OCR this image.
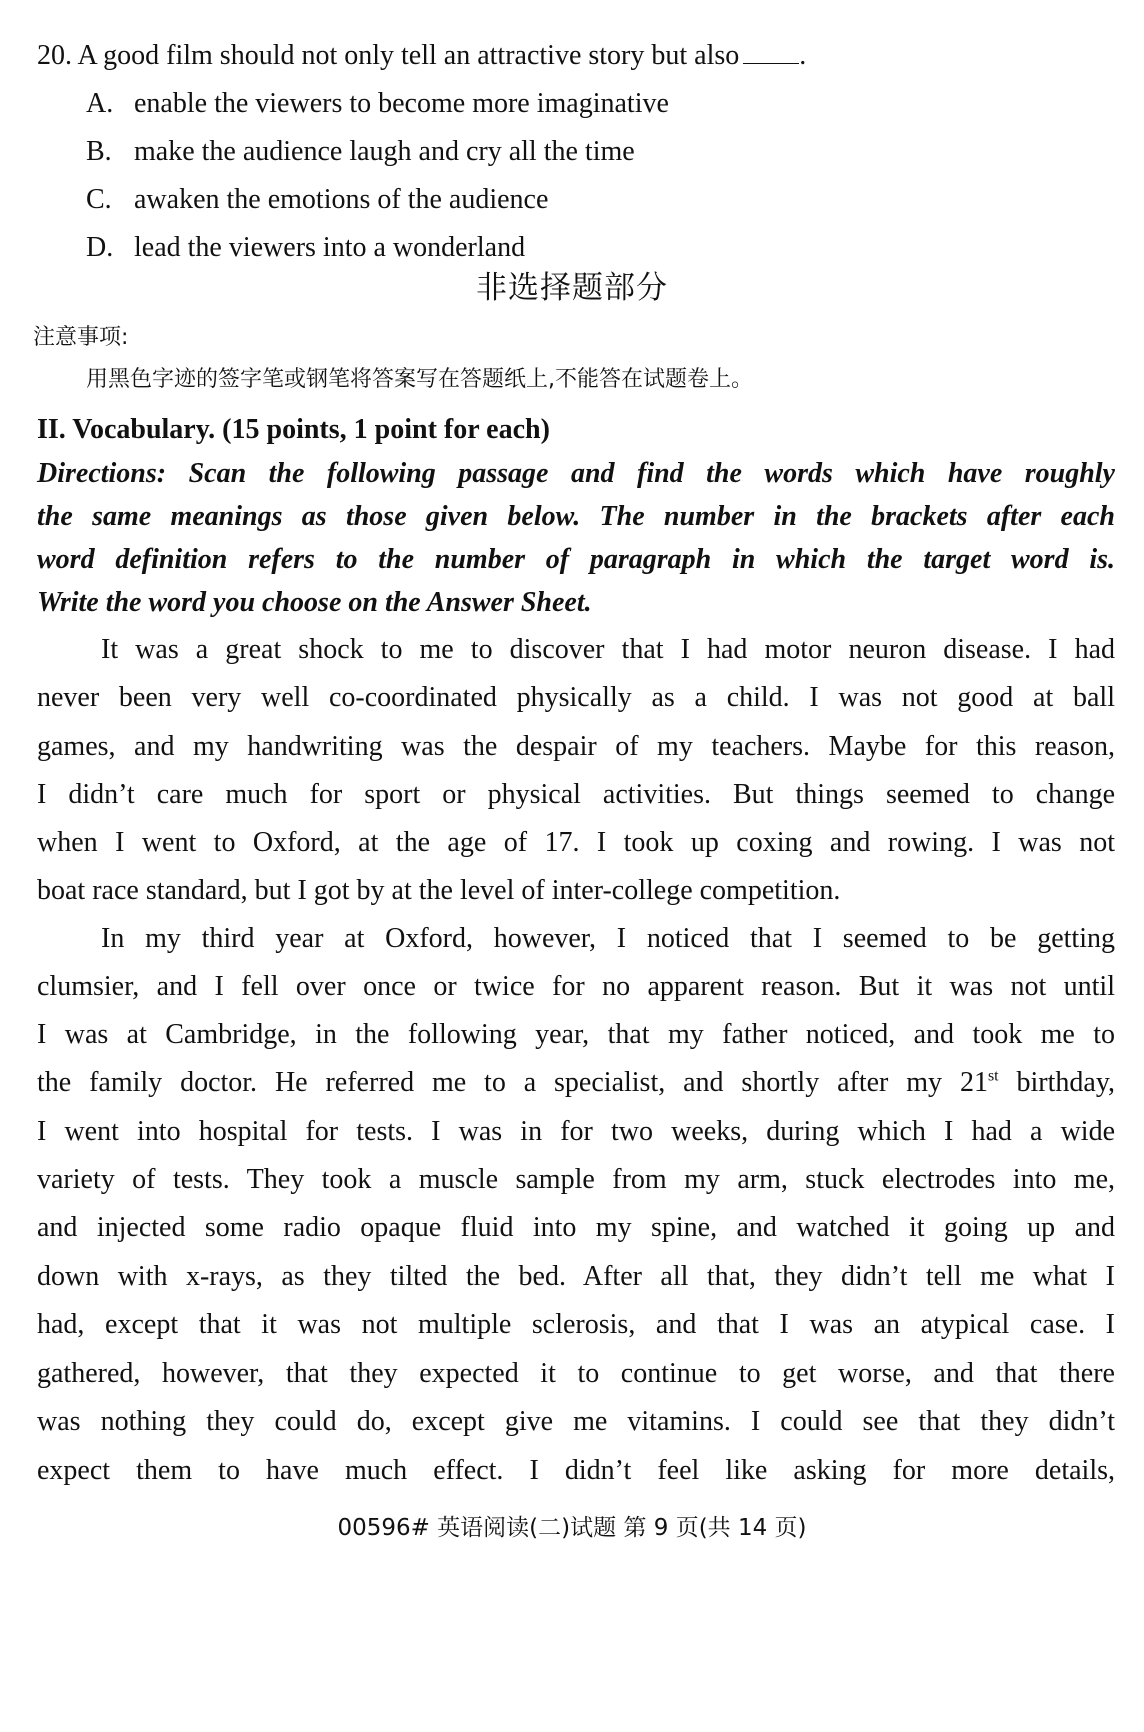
20. A good film should not only tell an attractive story but also .
A. enable the viewers to become more imaginative
B. make the audience laugh and cry all the time
C. awaken the emotions of the audience
D. lead the viewers into a wonderland
非选择题部分
注意事项:
用黑色字迹的签字笔或钢笔将答案写在答题纸上,不能答在试题卷上。
II. Vocabulary. (15 points, 1 point for each)
Directions: Scan the following passage and find the words which have roughly
the same meanings as those given below. The number in the brackets after each
word definition refers to the number of paragraph in which the target word is.
Write the word you choose on the Answer Sheet.
It was a great shock to me to discover that I had motor neuron disease. I had
never been very well co-coordinated physically as a child. I was not good at ball
games, and my handwriting was the despair of my teachers. Maybe for this reason,
I didn’t care much for sport or physical activities. But things seemed to change
when I went to Oxford, at the age of 17. I took up coxing and rowing. I was not
boat race standard, but I got by at the level of inter-college competition.
In my third year at Oxford, however, I noticed that I seemed to be getting
clumsier, and I fell over once or twice for no apparent reason. But it was not until
I was at Cambridge, in the following year, that my father noticed, and took me to
the family doctor. He referred me to a specialist, and shortly after my 21st birthday,
I went into hospital for tests. I was in for two weeks, during which I had a wide
variety of tests. They took a muscle sample from my arm, stuck electrodes into me,
and injected some radio opaque fluid into my spine, and watched it going up and
down with x-rays, as they tilted the bed. After all that, they didn’t tell me what I
had, except that it was not multiple sclerosis, and that I was an atypical case. I
gathered, however, that they expected it to continue to get worse, and that there
was nothing they could do, except give me vitamins. I could see that they didn’t
expect them to have much effect. I didn’t feel like asking for more details,
00596# 英语阅读(二)试题 第 9 页(共 14 页)
